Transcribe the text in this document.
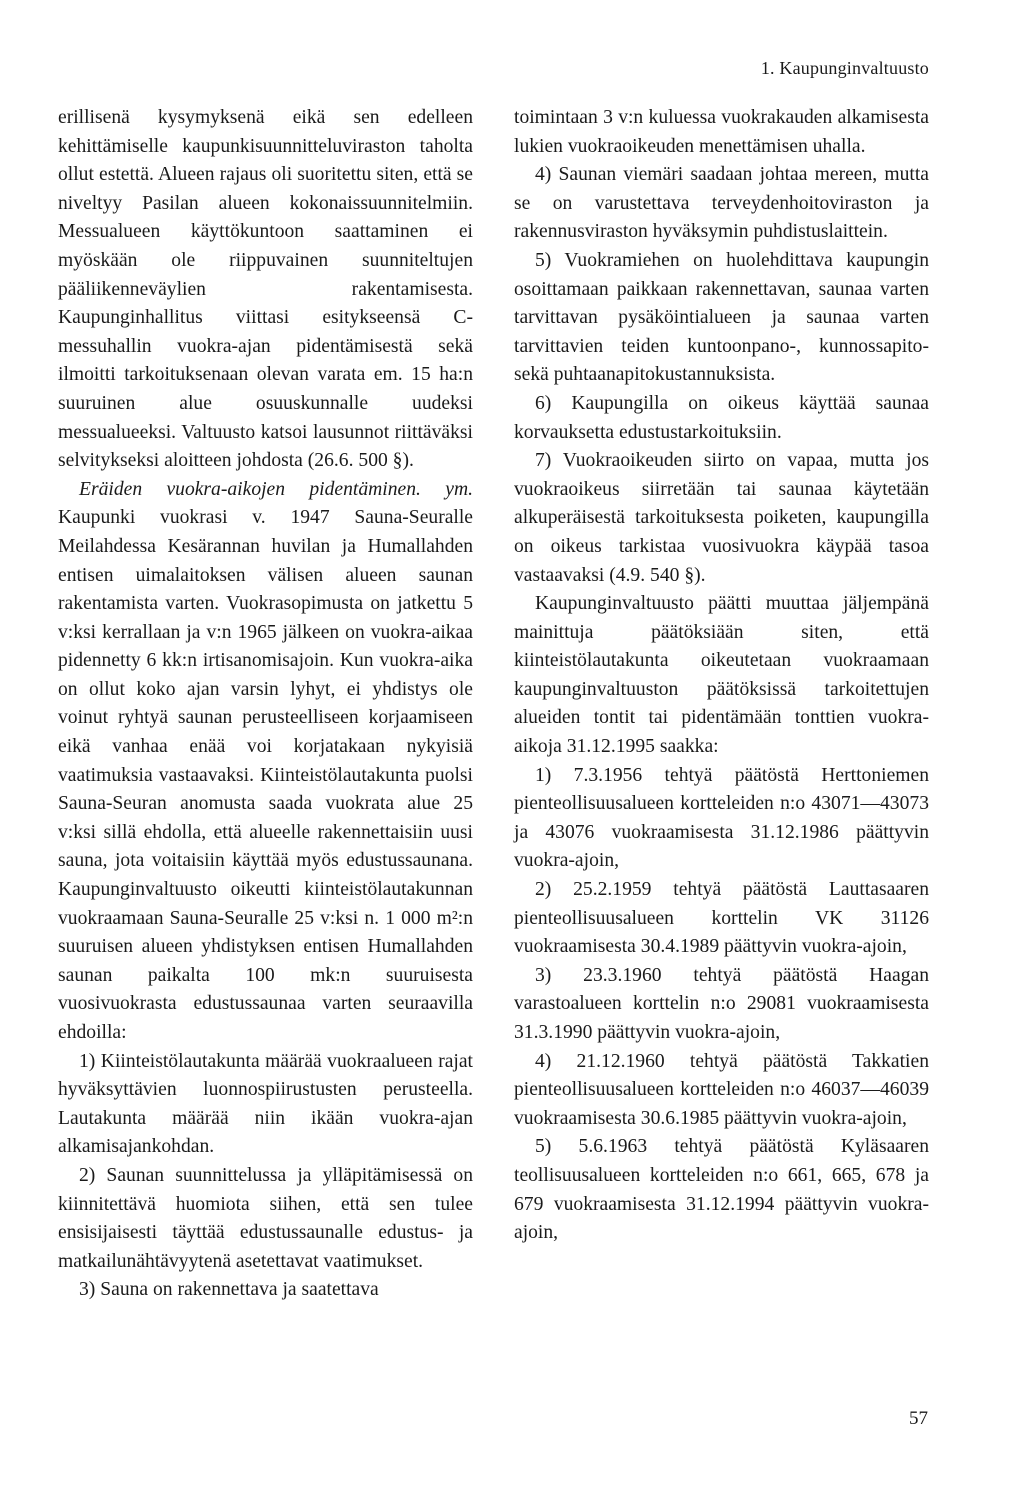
1. Kaupunginvaltuusto

erillisenä kysymyksenä eikä sen edelleen kehittämiselle kaupunkisuunnitteluviraston taholta ollut estettä. Alueen rajaus oli suoritettu siten, että se niveltyy Pasilan alueen kokonaissuunnitelmiin. Messualueen käyttökuntoon saattaminen ei myöskään ole riippuvainen suunniteltujen pääliikenneväylien rakentamisesta. Kaupunginhallitus viittasi esitykseensä C-messuhallin vuokra-ajan pidentämisestä sekä ilmoitti tarkoituksenaan olevan varata em. 15 ha:n suuruinen alue osuuskunnalle uudeksi messualueeksi. Valtuusto katsoi lausunnot riittäväksi selvitykseksi aloitteen johdosta (26.6. 500 §).

Eräiden vuokra-aikojen pidentäminen. ym. Kaupunki vuokrasi v. 1947 Sauna-Seuralle Meilahdessa Kesärannan huvilan ja Humallahden entisen uimalaitoksen välisen alueen saunan rakentamista varten. Vuokrasopimusta on jatkettu 5 v:ksi kerrallaan ja v:n 1965 jälkeen on vuokra-aikaa pidennetty 6 kk:n irtisanomisajoin. Kun vuokra-aika on ollut koko ajan varsin lyhyt, ei yhdistys ole voinut ryhtyä saunan perusteelliseen korjaamiseen eikä vanhaa enää voi korjatakaan nykyisiä vaatimuksia vastaavaksi. Kiinteistölautakunta puolsi Sauna-Seuran anomusta saada vuokrata alue 25 v:ksi sillä ehdolla, että alueelle rakennettaisiin uusi sauna, jota voitaisiin käyttää myös edustussaunana. Kaupunginvaltuusto oikeutti kiinteistölautakunnan vuokraamaan Sauna-Seuralle 25 v:ksi n. 1 000 m²:n suuruisen alueen yhdistyksen entisen Humallahden saunan paikalta 100 mk:n suuruisesta vuosivuokrasta edustussaunaa varten seuraavilla ehdoilla:

1) Kiinteistölautakunta määrää vuokraalueen rajat hyväksyttävien luonnospiirustusten perusteella. Lautakunta määrää niin ikään vuokra-ajan alkamisajankohdan.

2) Saunan suunnittelussa ja ylläpitämisessä on kiinnitettävä huomiota siihen, että sen tulee ensisijaisesti täyttää edustussaunalle edustus- ja matkailunähtävyytenä asetettavat vaatimukset.

3) Sauna on rakennettava ja saatettava

toimintaan 3 v:n kuluessa vuokrakauden alkamisesta lukien vuokraoikeuden menettämisen uhalla.

4) Saunan viemäri saadaan johtaa mereen, mutta se on varustettava terveydenhoitoviraston ja rakennusviraston hyväksymin puhdistuslaittein.

5) Vuokramiehen on huolehdittava kaupungin osoittamaan paikkaan rakennettavan, saunaa varten tarvittavan pysäköintialueen ja saunaa varten tarvittavien teiden kuntoonpano-, kunnossapito- sekä puhtaanapitokustannuksista.

6) Kaupungilla on oikeus käyttää saunaa korvauksetta edustustarkoituksiin.

7) Vuokraoikeuden siirto on vapaa, mutta jos vuokraoikeus siirretään tai saunaa käytetään alkuperäisestä tarkoituksesta poiketen, kaupungilla on oikeus tarkistaa vuosivuokra käypää tasoa vastaavaksi (4.9. 540 §).

Kaupunginvaltuusto päätti muuttaa jäljempänä mainittuja päätöksiään siten, että kiinteistölautakunta oikeutetaan vuokraamaan kaupunginvaltuuston päätöksissä tarkoitettujen alueiden tontit tai pidentämään tonttien vuokra-aikoja 31.12.1995 saakka:

1) 7.3.1956 tehtyä päätöstä Herttoniemen pienteollisuusalueen kortteleiden n:o 43071—43073 ja 43076 vuokraamisesta 31.12.1986 päättyvin vuokra-ajoin,

2) 25.2.1959 tehtyä päätöstä Lauttasaaren pienteollisuusalueen korttelin VK 31126 vuokraamisesta 30.4.1989 päättyvin vuokra-ajoin,

3) 23.3.1960 tehtyä päätöstä Haagan varastoalueen korttelin n:o 29081 vuokraamisesta 31.3.1990 päättyvin vuokra-ajoin,

4) 21.12.1960 tehtyä päätöstä Takkatien pienteollisuusalueen kortteleiden n:o 46037—46039 vuokraamisesta 30.6.1985 päättyvin vuokra-ajoin,

5) 5.6.1963 tehtyä päätöstä Kyläsaaren teollisuusalueen kortteleiden n:o 661, 665, 678 ja 679 vuokraamisesta 31.12.1994 päättyvin vuokra-ajoin,

57
